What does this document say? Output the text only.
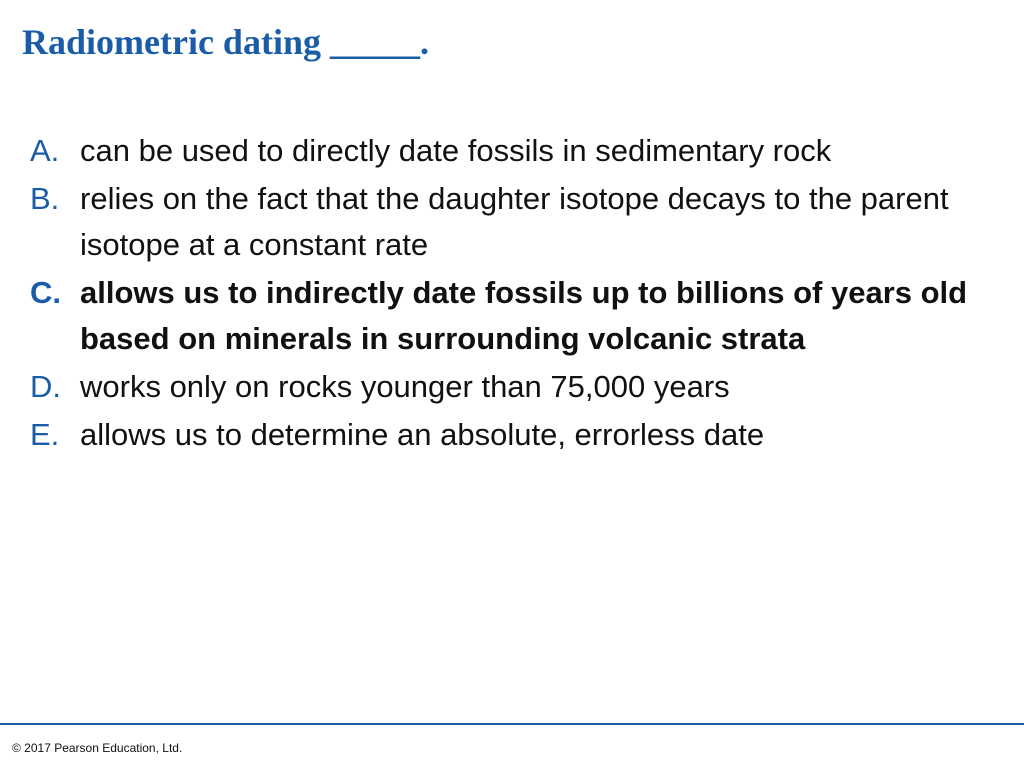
Radiometric dating _____.
A. can be used to directly date fossils in sedimentary rock
B. relies on the fact that the daughter isotope decays to the parent isotope at a constant rate
C. allows us to indirectly date fossils up to billions of years old based on minerals in surrounding volcanic strata
D. works only on rocks younger than 75,000 years
E. allows us to determine an absolute, errorless date
© 2017 Pearson Education, Ltd.
